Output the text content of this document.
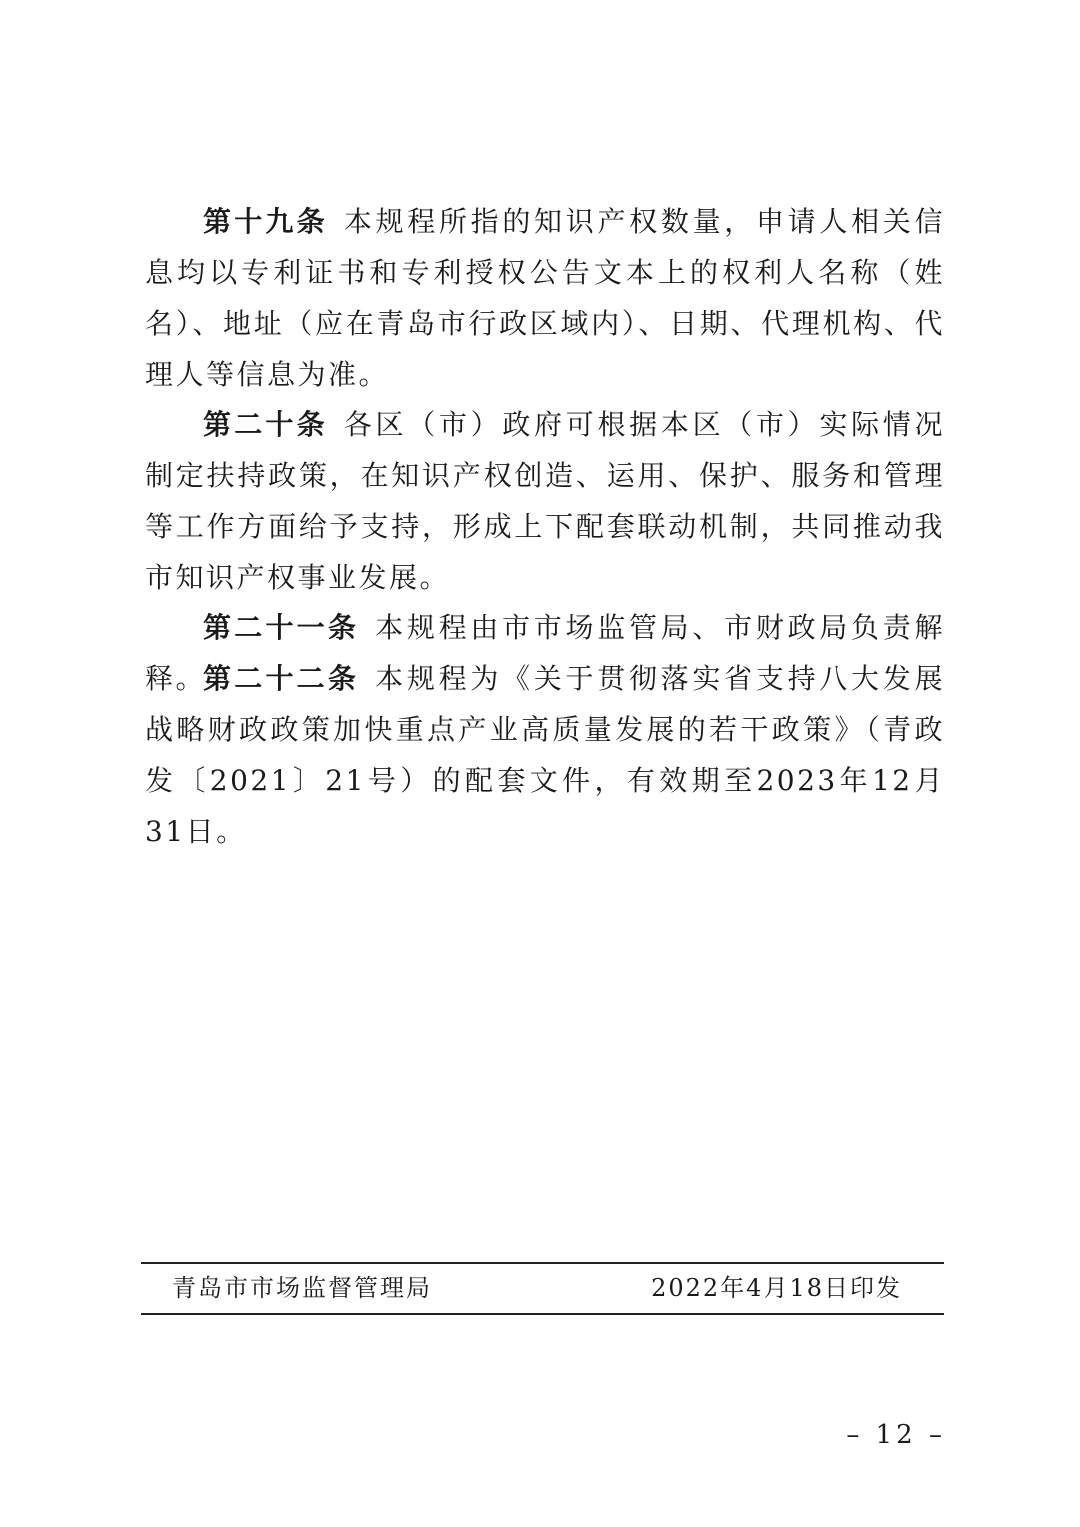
第十九条 本规程所指的知识产权数量，申请人相关信息均以专利证书和专利授权公告文本上的权利人名称（姓名）、地址（应在青岛市行政区域内）、日期、代理机构、代理人等信息为准。

第二十条 各区（市）政府可根据本区（市）实际情况制定扶持政策，在知识产权创造、运用、保护、服务和管理等工作方面给予支持，形成上下配套联动机制，共同推动我市知识产权事业发展。

第二十一条 本规程由市市场监管局、市财政局负责解释。

第二十二条 本规程为《关于贯彻落实省支持八大发展战略财政政策加快重点产业高质量发展的若干政策》（青政发〔2021〕21号）的配套文件，有效期至2023年12月31日。

青岛市市场监督管理局	2022年4月18日印发
– 12 –
